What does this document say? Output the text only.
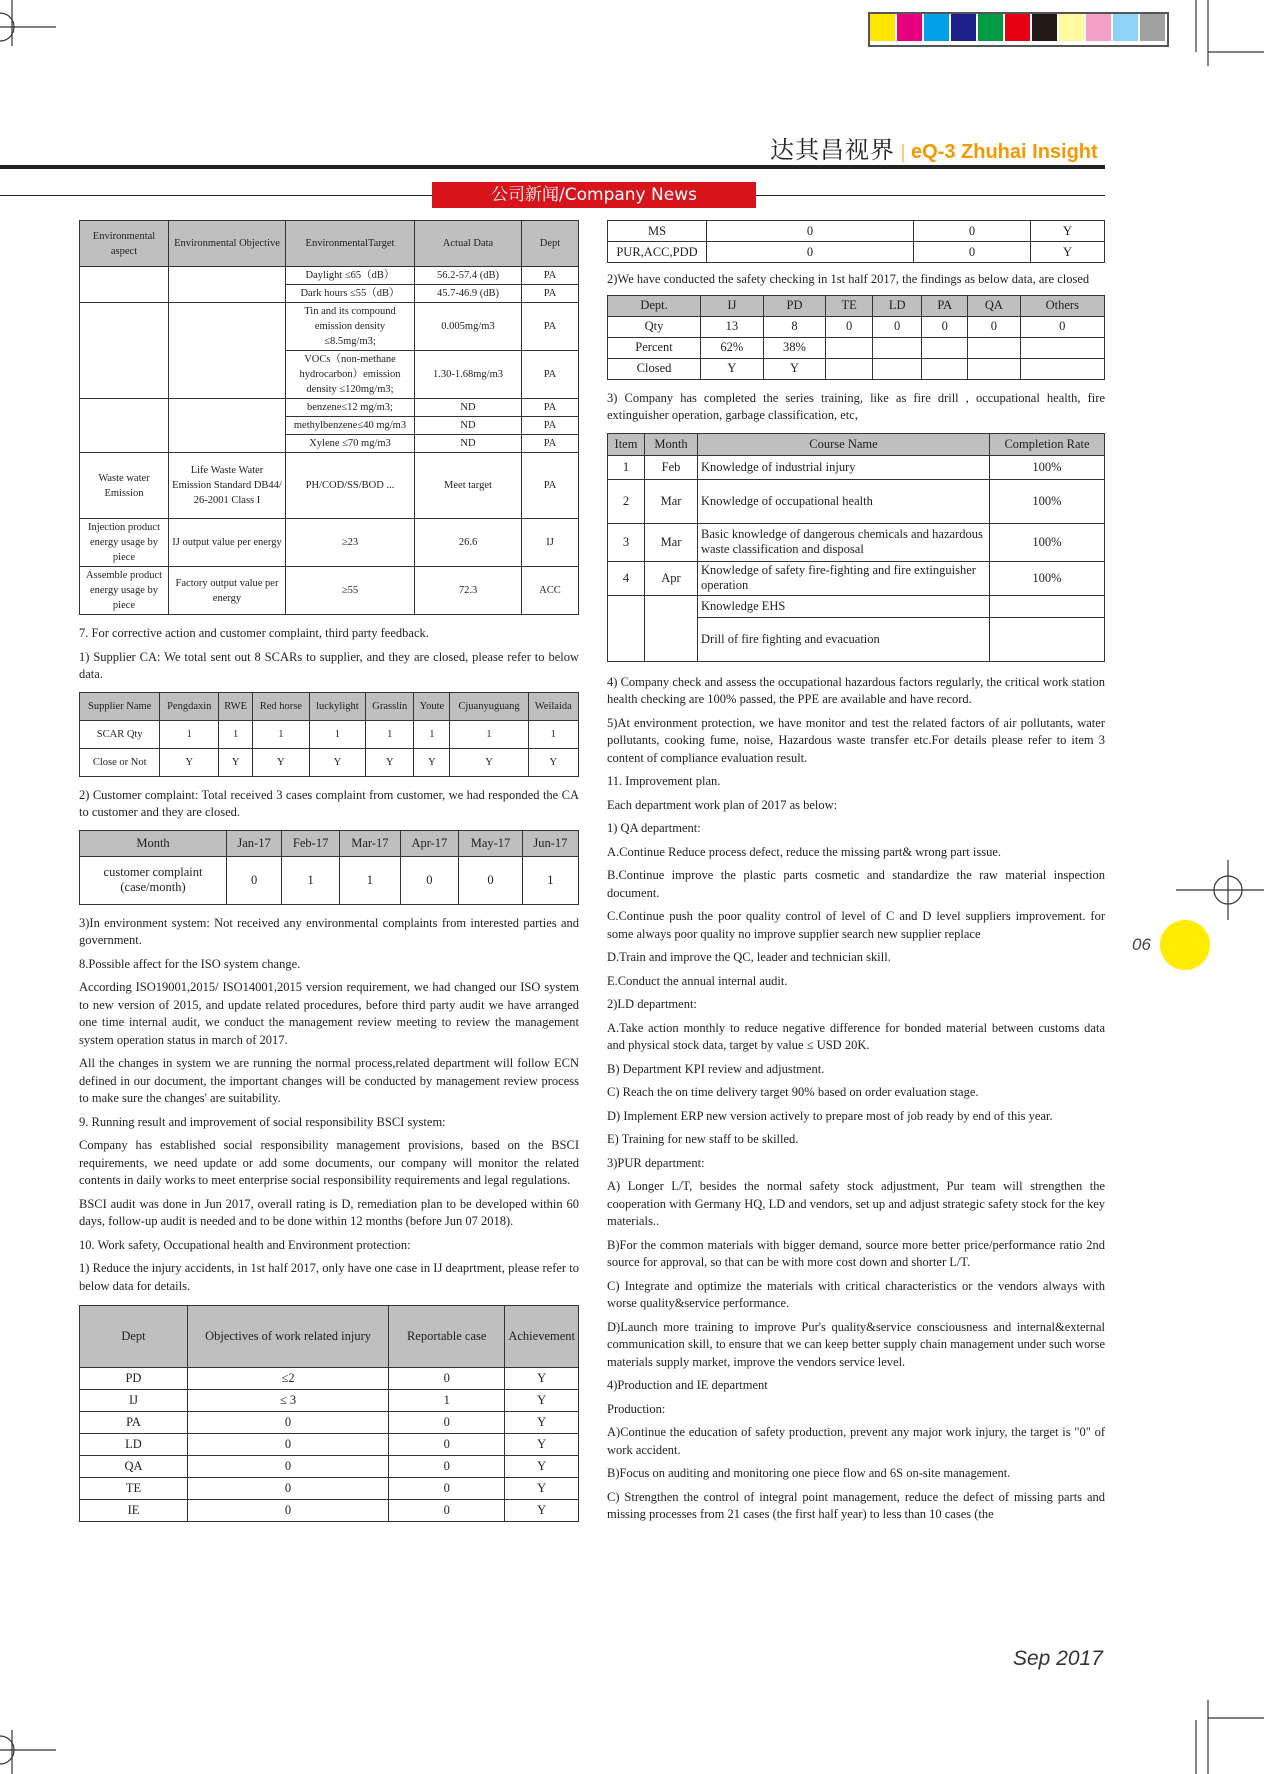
达其昌视界 | eQ-3 Zhuhai Insight
公司新闻/Company News
Environmental aspect	Environmental Objective	EnvironmentalTarget	Actual Data	Dept
		Daylight ≤65（dB）	56.2-57.4 (dB)	PA
		Dark hours ≤55（dB）	45.7-46.9 (dB)	PA
		Tin and its compound emission density ≤8.5mg/m3;	0.005mg/m3	PA
		VOCs（non-methane hydrocarbon）emission density ≤120mg/m3;	1.30-1.68mg/m3	PA
		benzene≤12 mg/m3;	ND	PA
		methylbenzene≤40 mg/m3	ND	PA
		Xylene ≤70 mg/m3	ND	PA
Waste water Emission	Life Waste Water Emission Standard DB44/ 26-2001 Class I	PH/COD/SS/BOD ...	Meet target	PA
Injection product energy usage by piece	IJ output value per energy	≥23	26.6	IJ
Assemble product energy usage by piece	Factory output value per energy	≥55	72.3	ACC

7. For corrective action and customer complaint, third party feedback.

1) Supplier CA: We total sent out 8 SCARs to supplier, and they are closed, please refer to below data.

Supplier Name	Pengdaxin	RWE	Red horse	luckylight	Grasslin	Youte	Cjuanyuguang	Weilaida
SCAR Qty	1	1	1	1	1	1	1	1
Close or Not	Y	Y	Y	Y	Y	Y	Y	Y

2) Customer complaint: Total received 3 cases complaint from customer, we had responded the CA to customer and they are closed.

Month	Jan-17	Feb-17	Mar-17	Apr-17	May-17	Jun-17
customer complaint (case/month)	0	1	1	0	0	1

3)In environment system: Not received any environmental complaints from interested parties and government.

8.Possible affect for the ISO system change.

According ISO19001,2015/ ISO14001,2015 version requirement, we had changed our ISO system to new version of 2015, and update related procedures, before third party audit we have arranged one time internal audit, we conduct the management review meeting to review the management system operation status in march of 2017.

All the changes in system we are running the normal process,related department will follow ECN defined in our document, the important changes will be conducted by management review process to make sure the changes' are suitability.

9. Running result and improvement of social responsibility BSCI system:

Company has established social responsibility management provisions, based on the BSCI requirements, we need update or add some documents, our company will monitor the related contents in daily works to meet enterprise social responsibility requirements and legal regulations.

BSCI audit was done in Jun 2017, overall rating is D, remediation plan to be developed within 60 days, follow-up audit is needed and to be done within 12 months (before Jun 07 2018).

10. Work safety, Occupational health and Environment protection:

1) Reduce the injury accidents, in 1st half 2017, only have one case in IJ deaprtment, please refer to below data for details.

Dept	Objectives of work related injury	Reportable case	Achievement
PD	≤2	0	Y
IJ	≤ 3	1	Y
PA	0	0	Y
LD	0	0	Y
QA	0	0	Y
TE	0	0	Y
IE	0	0	Y
MS	0	0	Y
PUR,ACC,PDD	0	0	Y

2)We have conducted the safety checking in 1st half 2017, the findings as below data, are closed

Dept.	IJ	PD	TE	LD	PA	QA	Others
Qty	13	8	0	0	0	0	0
Percent	62%	38%					
Closed	Y	Y					

3) Company has completed the series training, like as fire drill , occupational health, fire extinguisher operation, garbage classification, etc,

Item	Month	Course Name	Completion Rate
1	Feb	Knowledge of industrial injury	100%
2	Mar	Knowledge of occupational health	100%
3	Mar	Basic knowledge of dangerous chemicals and hazardous waste classification and disposal	100%
4	Apr	Knowledge of safety fire-fighting and fire extinguisher operation	100%
		Knowledge EHS	
		Drill of fire fighting and evacuation	

4) Company check and assess the occupational hazardous factors regularly, the critical work station health checking are 100% passed, the PPE are available and have record.

5)At environment protection, we have monitor and test the related factors of air pollutants, water pollutants, cooking fume, noise, Hazardous waste transfer etc.For details please refer to item 3 content of compliance evaluation result.

11. Improvement plan.

Each department work plan of 2017 as below:

1) QA department:

A.Continue Reduce process defect, reduce the missing part& wrong part issue.

B.Continue improve the plastic parts cosmetic and standardize the raw material inspection document.

C.Continue push the poor quality control of level of C and D level suppliers improvement. for some always poor quality no improve supplier search new supplier replace

D.Train and improve the QC, leader and technician skill.

E.Conduct the annual internal audit.

2)LD department:

A.Take action monthly to reduce negative difference for bonded material between customs data and physical stock data, target by value ≤ USD 20K.

B) Department KPI review and adjustment.

C) Reach the on time delivery target 90% based on order evaluation stage.

D) Implement ERP new version actively to prepare most of job ready by end of this year.

E) Training for new staff to be skilled.

3)PUR department:

A) Longer L/T, besides the normal safety stock adjustment, Pur team will strengthen the cooperation with Germany HQ, LD and vendors, set up and adjust strategic safety stock for the key materials..

B)For the common materials with bigger demand, source more better price/performance ratio 2nd source for approval, so that can be with more cost down and shorter L/T.

C) Integrate and optimize the materials with critical characteristics or the vendors always with worse quality&service performance.

D)Launch more training to improve Pur's quality&service consciousness and internal&external communication skill, to ensure that we can keep better supply chain management under such worse materials supply market, improve the vendors service level.

4)Production and IE department

Production:

A)Continue the education of safety production, prevent any major work injury, the target is "0" of work accident.

B)Focus on auditing and monitoring one piece flow and 6S on-site management.

C) Strengthen the control of integral point management, reduce the defect of missing parts and missing processes from 21 cases (the first half year) to less than 10 cases (the

06
Sep 2017
